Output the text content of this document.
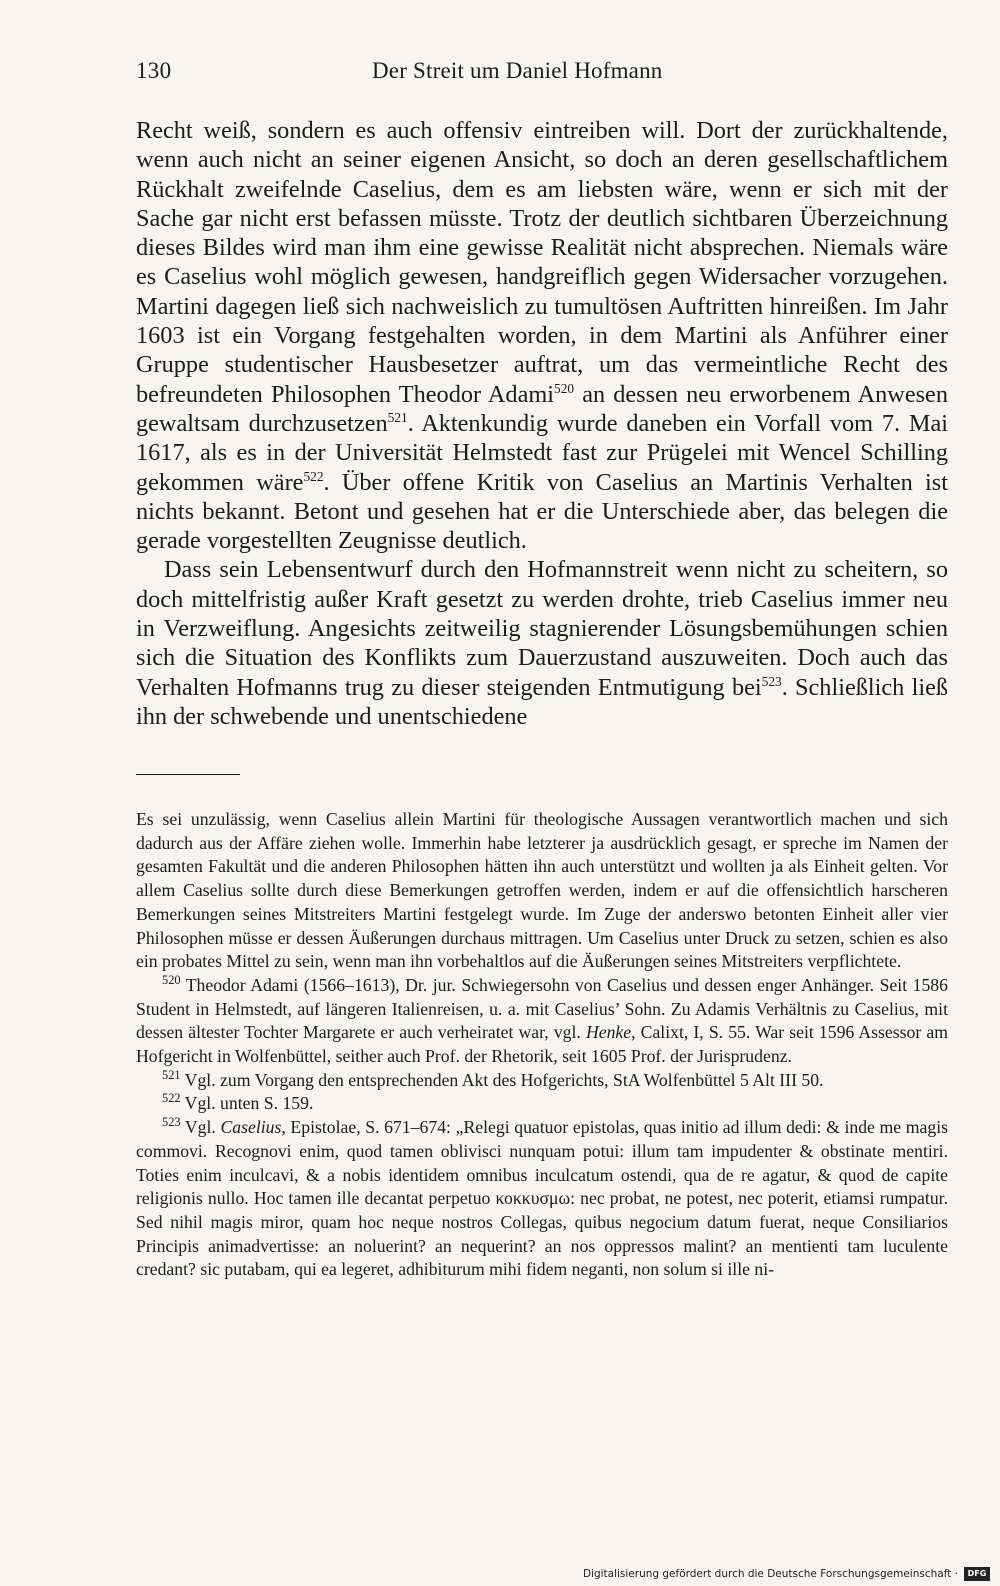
130	Der Streit um Daniel Hofmann

Recht weiß, sondern es auch offensiv eintreiben will. Dort der zurückhaltende, wenn auch nicht an seiner eigenen Ansicht, so doch an deren gesellschaftlichem Rückhalt zweifelnde Caselius, dem es am liebsten wäre, wenn er sich mit der Sache gar nicht erst befassen müsste. Trotz der deutlich sichtbaren Überzeichnung dieses Bildes wird man ihm eine gewisse Realität nicht absprechen. Niemals wäre es Caselius wohl möglich gewesen, handgreiflich gegen Widersacher vorzugehen. Martini dagegen ließ sich nachweislich zu tumultösen Auftritten hinreißen. Im Jahr 1603 ist ein Vorgang festgehalten worden, in dem Martini als Anführer einer Gruppe studentischer Hausbesetzer auftrat, um das vermeintliche Recht des befreundeten Philosophen Theodor Adami$^{520}$ an dessen neu erworbenem Anwesen gewaltsam durchzusetzen$^{521}$. Aktenkundig wurde daneben ein Vorfall vom 7. Mai 1617, als es in der Universität Helmstedt fast zur Prügelei mit Wencel Schilling gekommen wäre$^{522}$. Über offene Kritik von Caselius an Martinis Verhalten ist nichts bekannt. Betont und gesehen hat er die Unterschiede aber, das belegen die gerade vorgestellten Zeugnisse deutlich.

Dass sein Lebensentwurf durch den Hofmannstreit wenn nicht zu scheitern, so doch mittelfristig außer Kraft gesetzt zu werden drohte, trieb Caselius immer neu in Verzweiflung. Angesichts zeitweilig stagnierender Lösungsbemühungen schien sich die Situation des Konflikts zum Dauerzustand auszuweiten. Doch auch das Verhalten Hofmanns trug zu dieser steigenden Entmutigung bei$^{523}$. Schließlich ließ ihn der schwebende und unentschiedene

Es sei unzulässig, wenn Caselius allein Martini für theologische Aussagen verantwortlich machen und sich dadurch aus der Affäre ziehen wolle. Immerhin habe letzterer ja ausdrücklich gesagt, er spreche im Namen der gesamten Fakultät und die anderen Philosophen hätten ihn auch unterstützt und wollten ja als Einheit gelten. Vor allem Caselius sollte durch diese Bemerkungen getroffen werden, indem er auf die offensichtlich harscheren Bemerkungen seines Mitstreiters Martini festgelegt wurde. Im Zuge der anderswo betonten Einheit aller vier Philosophen müsse er dessen Äußerungen durchaus mittragen. Um Caselius unter Druck zu setzen, schien es also ein probates Mittel zu sein, wenn man ihn vorbehaltlos auf die Äußerungen seines Mitstreiters verpflichtete.

$^{520}$ Theodor Adami (1566–1613), Dr. jur. Schwiegersohn von Caselius und dessen enger Anhänger. Seit 1586 Student in Helmstedt, auf längeren Italienreisen, u. a. mit Caselius’ Sohn. Zu Adamis Verhältnis zu Caselius, mit dessen ältester Tochter Margarete er auch verheiratet war, vgl. Henke, Calixt, I, S. 55. War seit 1596 Assessor am Hofgericht in Wolfenbüttel, seither auch Prof. der Rhetorik, seit 1605 Prof. der Jurisprudenz.

$^{521}$ Vgl. zum Vorgang den entsprechenden Akt des Hofgerichts, StA Wolfenbüttel 5 Alt III 50.

$^{522}$ Vgl. unten S. 159.

$^{523}$ Vgl. Caselius, Epistolae, S. 671–674: „Relegi quatuor epistolas, quas initio ad illum dedi: & inde me magis commovi. Recognovi enim, quod tamen oblivisci nunquam potui: illum tam impudenter & obstinate mentiri. Toties enim inculcavi, & a nobis identidem omnibus inculcatum ostendi, qua de re agatur, & quod de capite religionis nullo. Hoc tamen ille decantat perpetuo κοκκυσμω: nec probat, ne potest, nec poterit, etiamsi rumpatur. Sed nihil magis miror, quam hoc neque nostros Collegas, quibus negocium datum fuerat, neque Consiliarios Principis animadvertisse: an noluerint? an nequerint? an nos oppressos malint? an mentienti tam luculente credant? sic putabam, qui ea legeret, adhibiturum mihi fidem neganti, non solum si ille ni-

Digitalisierung gefördert durch die Deutsche Forschungsgemeinschaft ·	DFG
